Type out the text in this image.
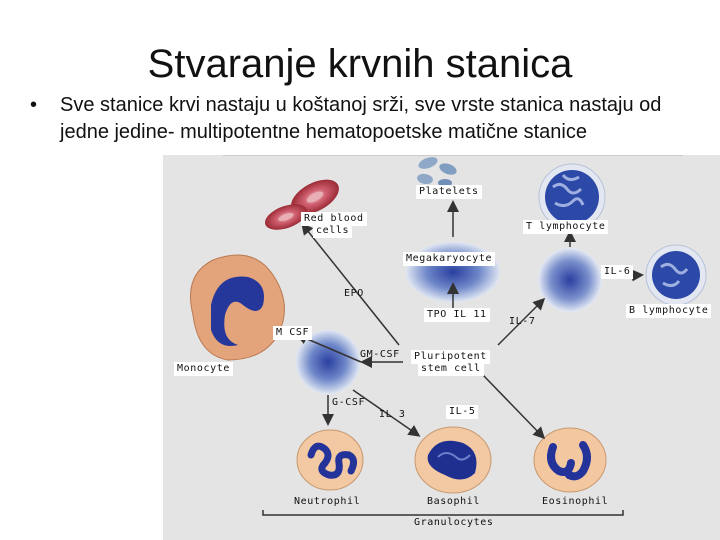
Stvaranje krvnih stanica
• Sve stanice krvi nastaju u koštanoj srži, sve vrste stanica nastaju od jedne jedine- multipotentne hematopoetske matične stanice
Platelets
Red blood
cells	T lymphocyte
Megakaryocyte
IL-6
EPO
B lymphocyte
TPO IL 11
IL-7
M CSF
GM-CSF	Pluripotent
stem cell
Monocyte
G-CSF
IL 3	IL-5
Neutrophil	Basophil	Eosinophil
Granulocytes
